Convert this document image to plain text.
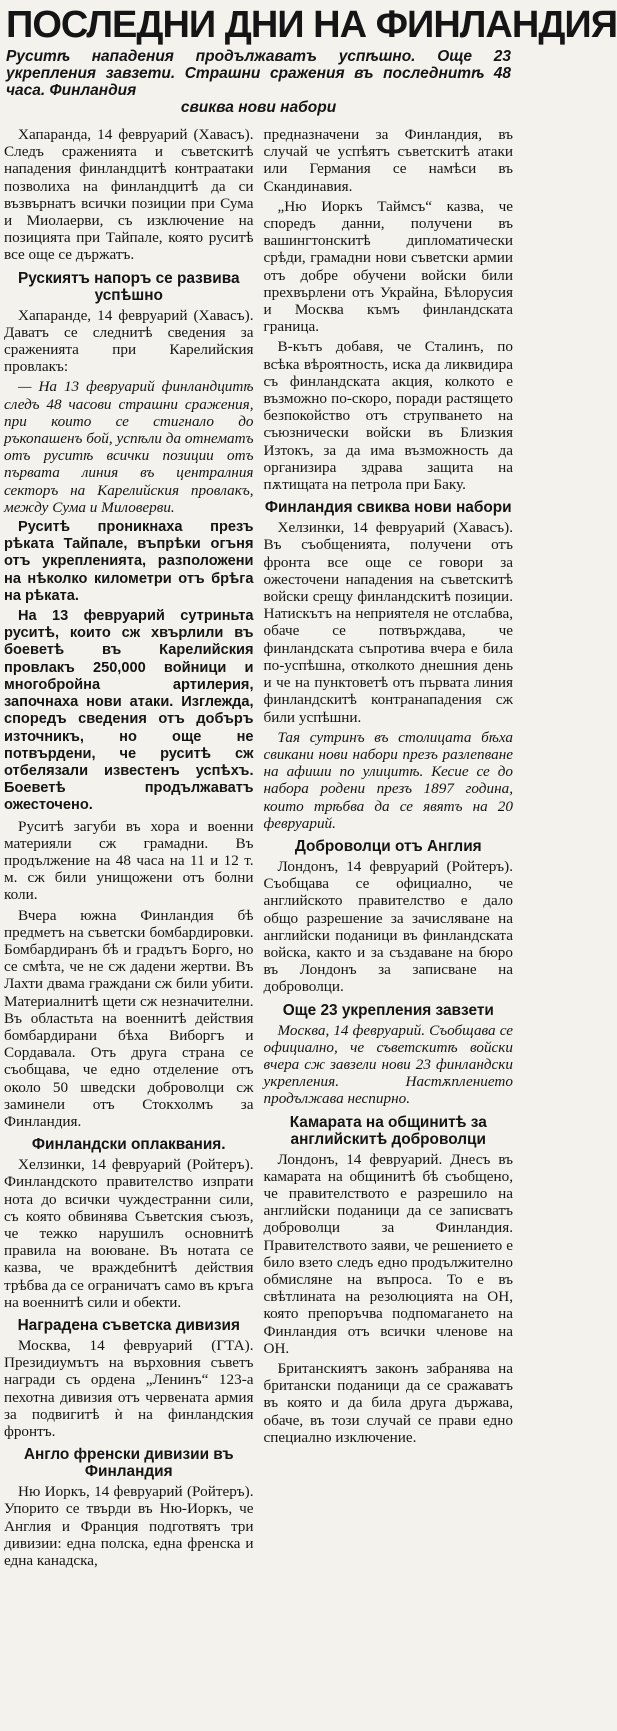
ПОСЛЕДНИ ДНИ НА ФИНЛАНДИЯ
Руситѣ нападения продължаватъ успѣшно. Още 23 укрепления завзети. Страшни сражения въ последнитѣ 48 часа. Финландия
свиква нови набори

Хапаранда, 14 февруарий (Хавасъ). Следъ сраженията и съветскитѣ нападения финландцитѣ контраатаки позволиха на финландцитѣ да си възвърнатъ всички позиции при Сума и Миолаерви, съ изключение на позицията при Тайпале, която руситѣ все още се държатъ.

Рускиятъ напоръ се развива успѣшно

Хапаранде, 14 февруарий (Хавасъ). Даватъ се следнитѣ сведения за сраженията при Карелийския провлакъ:

— На 13 февруарий финландцитѣ следъ 48 часови страшни сражения, при които се стигнало до ръкопашенъ бой, успѣли да отнематъ отъ руситѣ всички позиции отъ първата линия въ централния секторъ на Карелийския провлакъ, между Сума и Миловерви.

Руситѣ проникнаха презъ рѣката Тайпале, въпрѣки огъня отъ укрепленията, разположени на нѣколко километри отъ брѣга на рѣката.

На 13 февруарий сутриньта руситѣ, които сж хвърлили въ боеветѣ въ Карелийския провлакъ 250,000 войници и многобройна артилерия, започнаха нови атаки. Изглежда, споредъ сведения отъ добъръ източникъ, но още не потвърдени, че руситѣ сж отбелязали известенъ успѣхъ. Боеветѣ продължаватъ ожесточено.

Руситѣ загуби въ хора и военни материяли сж грамадни. Въ продължение на 48 часа на 11 и 12 т. м. сж били унищожени отъ болни коли.

Вчера южна Финландия бѣ предметъ на съветски бомбардировки. Бомбардиранъ бѣ и градътъ Борго, но се смѣта, че не сж дадени жертви. Въ Лахти двама граждани сж били убити. Материалнитѣ щети сж незначителни. Въ областьта на военнитѣ действия бомбардирани бѣха Виборгъ и Сордавала. Отъ друга страна се съобщава, че едно отделение отъ около 50 шведски доброволци сж заминели отъ Стокхолмъ за Финландия.

Финландски оплаквания.

Хелзинки, 14 февруарий (Ройтеръ). Финландското правителство изпрати нота до всички чуждестранни сили, съ която обвинява Съветския съюзъ, че тежко нарушилъ основнитѣ правила на воюване. Въ нотата се казва, че враждебнитѣ действия трѣбва да се ограничатъ само въ кръга на военнитѣ сили и обекти.

Наградена съветска дивизия

Москва, 14 февруарий (ГТА). Президиумътъ на върховния съветъ награди съ ордена „Ленинъ“ 123-а пехотна дивизия отъ червената армия за подвигитѣ ѝ на финландския фронтъ.

Англо френски дивизии въ Финландия

Ню Иоркъ, 14 февруарий (Ройтеръ). Упорито се твърди въ Ню-Иоркъ, че Англия и Франция подготвятъ три дивизии: една полска, една френска и една канадска,

предназначени за Финландия, въ случай че успѣятъ съветскитѣ атаки или Германия се намѣси въ Скандинавия.

„Ню Иоркъ Таймсъ“ казва, че споредъ данни, получени въ вашингтонскитѣ дипломатически срѣди, грамадни нови съветски армии отъ добре обучени войски били прехвърлени отъ Украйна, Бѣлорусия и Москва къмъ финландската граница.

В-кътъ добавя, че Сталинъ, по всѣка вѣроятность, иска да ликвидира съ финландската акция, колкото е възможно по-скоро, поради растящето безпокойство отъ струпването на съюзнически войски въ Близкия Изтокъ, за да има възможность да организира здрава защита на пѫтищата на петрола при Баку.

Финландия свиква нови набори

Хелзинки, 14 февруарий (Хавасъ). Въ съобщенията, получени отъ фронта все още се говори за ожесточени нападения на съветскитѣ войски срещу финландскитѣ позиции. Натискътъ на неприятеля не отслабва, обаче се потвърждава, че финландската съпротива вчера е била по-успѣшна, отколкото днешния день и че на пунктоветѣ отъ първата линия финландскитѣ контранападения сж били успѣшни.

Тая сутринъ въ столицата бѣха свикани нови набори презъ разлепване на афиши по улицитѣ. Кесие се до набора родени презъ 1897 година, които трѣбва да се явятъ на 20 февруарий.

Доброволци отъ Англия

Лондонъ, 14 февруарий (Ройтеръ). Съобщава се официално, че английското правителство е дало общо разрешение за зачисляване на английски поданици въ финландската войска, както и за създаване на бюро въ Лондонъ за записване на доброволци.

Още 23 укрепления завзети

Москва, 14 февруарий. Съобщава се официално, че съветскитѣ войски вчера сж завзели нови 23 финландски укрепления. Настѫплението продължава неспирно.

Камарата на общинитѣ за английскитѣ доброволци

Лондонъ, 14 февруарий. Днесъ въ камарата на общинитѣ бѣ съобщено, че правителството е разрешило на английски поданици да се записватъ доброволци за Финландия. Правителството заяви, че решението е било взето следъ едно продължително обмисляне на въпроса. То е въ свѣтлината на резолюцията на ОН, която препоръчва подпомагането на Финландия отъ всички членове на ОН.

Британскиятъ законъ забранява на британски поданици да се сражаватъ въ която и да била друга държава, обаче, въ този случай се прави едно специално изключение.
